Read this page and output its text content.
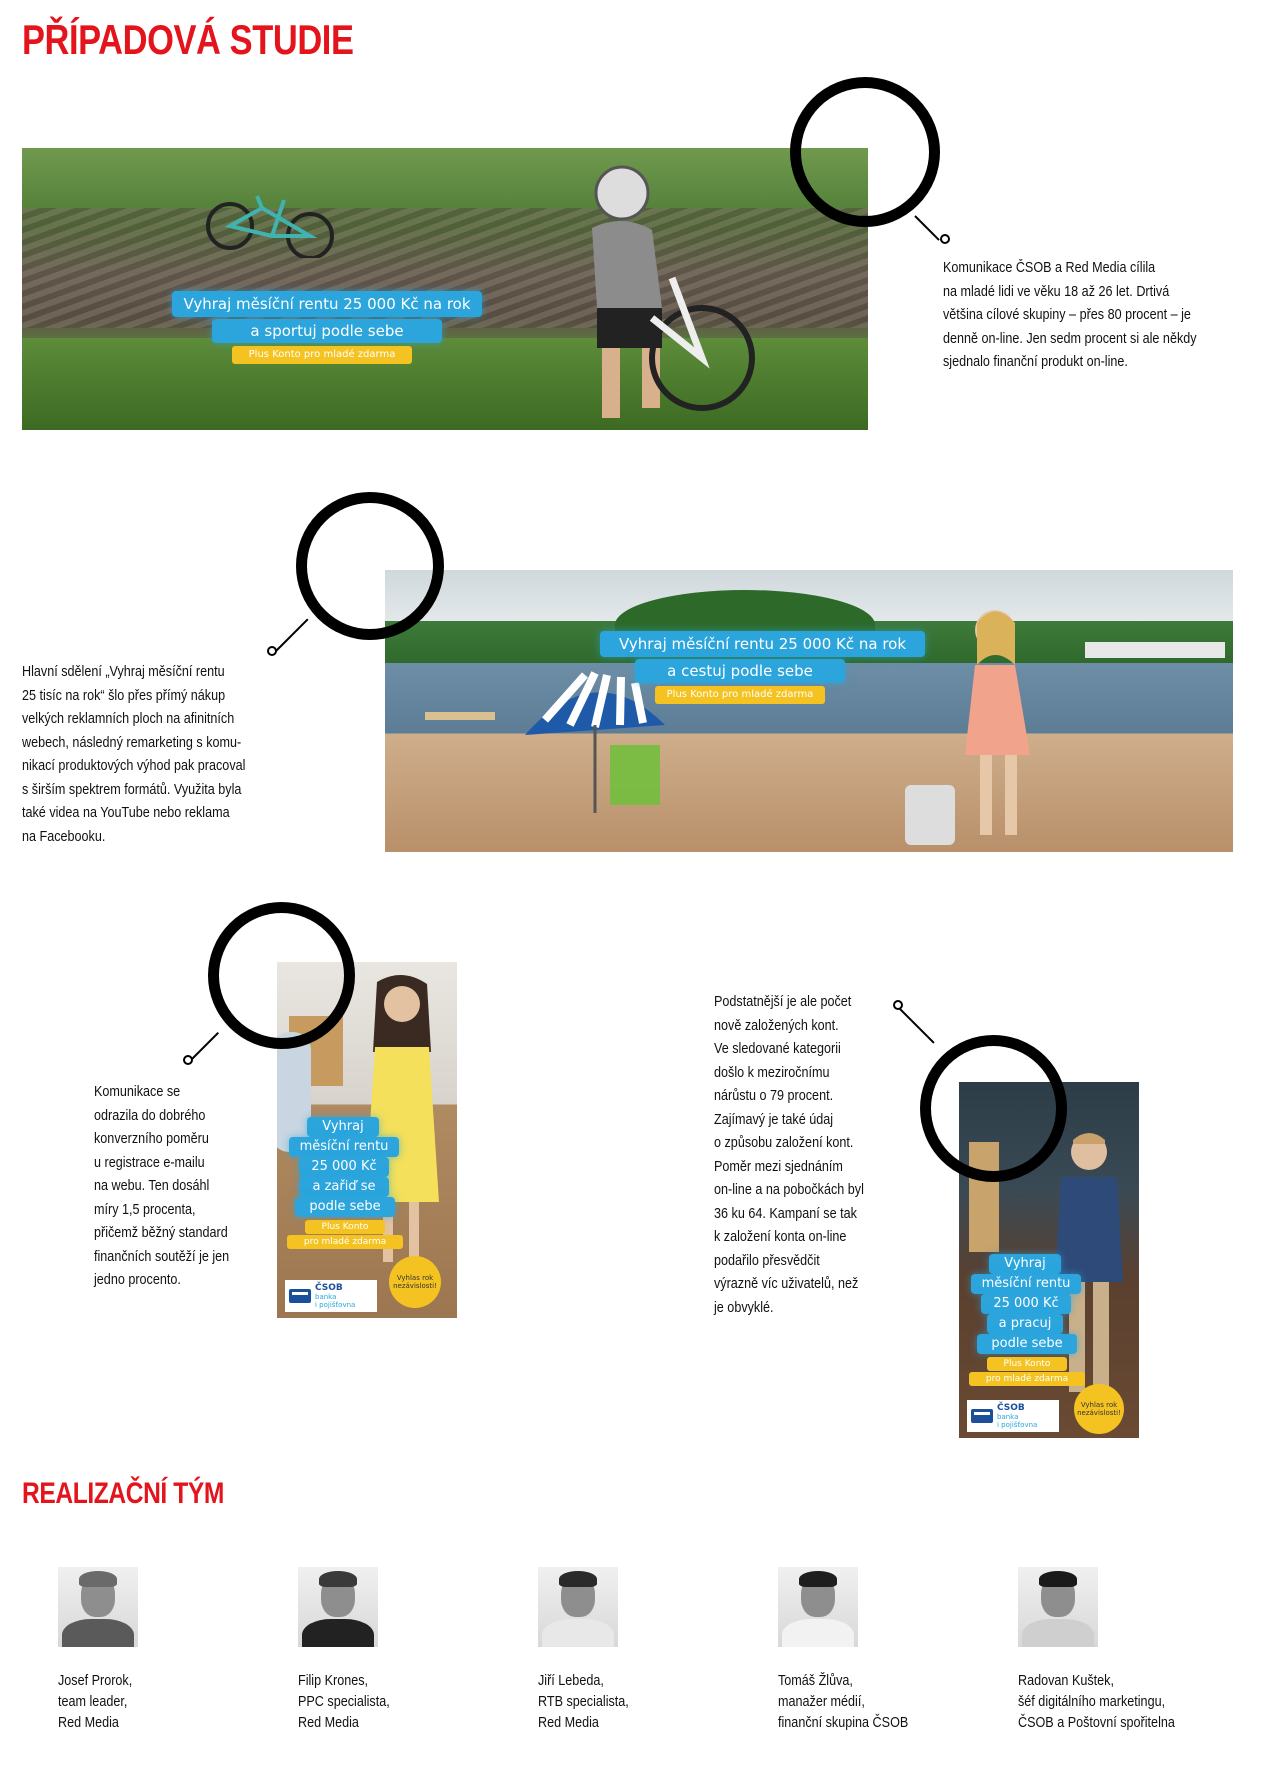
PŘÍPADOVÁ STUDIE
Vyhraj měsíční rentu 25 000 Kč na rok
a sportuj podle sebe
Plus Konto pro mladé zdarma
Komunikace ČSOB a Red Media cílila
na mladé lidi ve věku 18 až 26 let. Drtivá
většina cílové skupiny – přes 80 procent – je
denně on-line. Jen sedm procent si ale někdy
sjednalo finanční produkt on-line.
Vyhraj měsíční rentu 25 000 Kč na rok
a cestuj podle sebe
Plus Konto pro mladé zdarma
Hlavní sdělení „Vyhraj měsíční rentu
25 tisíc na rok“ šlo přes přímý nákup
velkých reklamních ploch na afinitních
webech, následný remarketing s komu-
nikací produktových výhod pak pracoval
s širším spektrem formátů. Využita byla
také videa na YouTube nebo reklama
na Facebooku.
Vyhraj
měsíční rentu
25 000 Kč
a zařiď se
podle sebe
Plus Konto
pro mladé zdarma
ČSOB
banka
i pojišťovna
Vyhlas rok nezávislosti!
Komunikace se
odrazila do dobrého
konverzního poměru
u registrace e-mailu
na webu. Ten dosáhl
míry 1,5 procenta,
přičemž běžný standard
finančních soutěží je jen
jedno procento.
Vyhraj
měsíční rentu
25 000 Kč
a pracuj
podle sebe
Plus Konto
pro mladé zdarma
ČSOB
banka
i pojišťovna
Vyhlas rok nezávislosti!
Podstatnější je ale počet
nově založených kont.
Ve sledované kategorii
došlo k meziročnímu
nárůstu o 79 procent.
Zajímavý je také údaj
o způsobu založení kont.
Poměr mezi sjednáním
on-line a na pobočkách byl
36 ku 64. Kampaní se tak
k založení konta on-line
podařilo přesvědčit
výrazně víc uživatelů, než
je obvyklé.
REALIZAČNÍ TÝM
Josef Prorok,
team leader,
Red Media
Filip Krones,
PPC specialista,
Red Media
Jiří Lebeda,
RTB specialista,
Red Media
Tomáš Žlůva,
manažer médií,
finanční skupina ČSOB
Radovan Kuštek,
šéf digitálního marketingu,
ČSOB a Poštovní spořitelna
